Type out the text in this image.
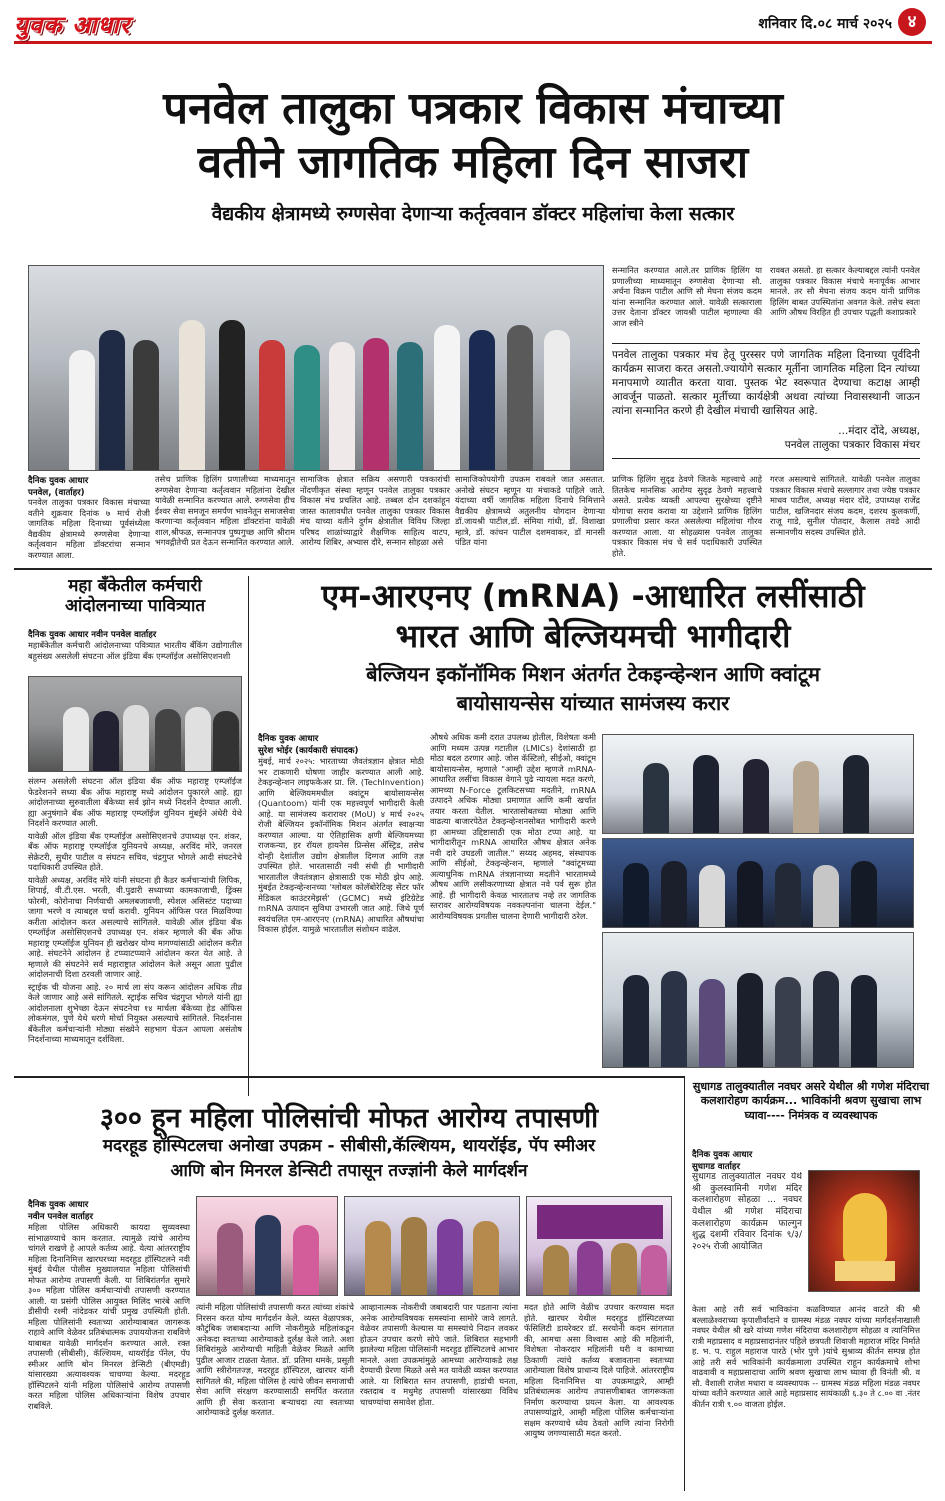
युवक आधार	शनिवार दि.०८ मार्च २०२५ ४
पनवेल तालुका पत्रकार विकास मंचाच्या
वतीने जागतिक महिला दिन साजरा
वैद्यकीय क्षेत्रामध्ये रुग्णसेवा देणाऱ्या कर्तृत्ववान डॉक्टर महिलांचा केला सत्कार
सन्मानित करण्यात आले.तर प्राणिक हिलिंग या प्रणालीच्या माध्यमातून रुग्णसेवा देणाऱ्या सौ. अर्चना विक्रम पाटील आणि सौ मेघना संजय कदम यांना सन्मानित करण्यात आले. यावेळी सत्काराला उत्तर देताना डॉक्टर जायश्री पाटील म्हणाल्या की आज स्त्रीने
रावबत असतो. हा सत्कार केल्याबद्दल त्यांनी पनवेल तालुका पत्रकार विकास मंचाचे मनःपूर्वक आभार मानले. तर सौ मेघना संजय कदम यांनी प्राणिक हिलिंग बाबत उपस्थितांना अवगत केले. तसेच स्वतः आणि औषध विरहित ही उपचार पद्धती कशाप्रकारे
पनवेल तालुका पत्रकार मंच हेतू पुरस्सर पणे जागतिक महिला दिनाच्या पूर्वदिनी कार्यक्रम साजरा करत असतो.ज्यायोगे सत्कार मूर्तीना जागतिक महिला दिन त्यांच्या मनापमाणे व्यातीत करता यावा. पुस्तक भेट स्वरूपात देण्याचा कटाक्ष आम्ही आवर्जून पाळतो. सत्कार मूर्तीच्या कार्यक्षेत्री अथवा त्यांच्या निवासस्थानी जाऊन त्यांना सन्मानित करणे ही देखील मंचाची खासियत आहे.
...मंदार दोंदे, अध्यक्ष,
पनवेल तालुका पत्रकार विकास मंचर
दैनिक युवक आधार
पनवेल, (वार्ताहर)
पनवेल तालुका पत्रकार विकास मंचाच्या वतीने शुक्रवार दिनांक ७ मार्च रोजी जागतिक महिला दिनाच्या पूर्वसंध्येला वैद्यकीय क्षेत्रामध्ये रुग्णसेवा देणाऱ्या कर्तृत्ववान महिला डॉक्टरांचा सन्मान करण्यात आला.
तसेच प्राणिक हिलिंग प्रणालीच्या माध्यमातून रुग्णसेवा देणाऱ्या कर्तृत्ववान महिलांना देखील यावेळी सन्मानित करण्यात आले. रुग्णसेवा हीच ईश्वर सेवा समजून समर्पण भावनेतून समाजसेवा करणाऱ्या कर्तृत्ववान महिला डॉक्टरांना यावेळी शाल,श्रीफळ, सन्मानपत्र पुष्पगुच्छ आणि श्रीराम भगवद्गीतेची प्रत देऊन सन्मानित करण्यात आले.
सामाजिक क्षेत्रात सक्रिय असणारी पत्रकारांची नोंदणीकृत संस्था म्हणून पनवेल तालुका पत्रकार विकास मंच प्रचलित आहे. तब्बल दोन दशकांहून जास्त कालावधीत पनवेल तालुका पत्रकार विकास मंच याच्या वतीने दुर्गम क्षेत्रातील विविध जिल्हा परिषद शाळांच्याद्वारे शैक्षणिक साहित्य वाटप, आरोग्य शिबिर, अभ्यास दौरे, सन्मान सोहळा असे
सामाजिकोपयोगी उपक्रम राबवले जात असतात. अनोखे संघटन म्हणून या मंचाकडे पाहिले जाते. यंदाच्या वर्षी जागतिक महिला दिनाचे निमित्ताने वैद्यकीय क्षेत्रामध्ये अतुलनीय योगदान देणाऱ्या डॉ.जायश्री पाटील,डॉ. संमिया गांधी, डॉ. विशाखा म्हात्रे, डॉ. कांचन पाटील दशमवाकर, डॉ मानसी पंडित यांना
प्राणिक हिलिंग सुदृढ ठेवणे जितके महत्त्वाचे आहे तितकेच मानसिक आरोग्य सुदृढ ठेवणे महत्त्वाचे असते. प्रत्येक व्यक्ती आपल्या सुरक्षेच्या दृष्टीने योगाचा सराव करावा या उद्देशाने प्राणिक हिलिंग प्रणालीचा प्रसार करत असलेल्या महिलांचा गौरव करण्यात आला. या सोहळ्यास पनवेल तालुका पत्रकार विकास मंच चे सर्व पदाधिकारी उपस्थित होते.
गरज असल्याचे सांगितले. यावेळी पनवेल तालुका पत्रकार विकास मंचाचे सल्लागार तथा ज्येष्ठ पत्रकार माधव पाटील, अध्यक्ष मंदार दोंदे, उपाध्यक्ष राजेंद्र पाटील, खजिनदार संजय कदम, दशरथ कुलकर्णी, राजू गाडे, सुनील पोतदार, कैलास तवडे आदी सन्मानणीय सदस्य उपस्थित होते.
महा बँकेतील कर्मचारी
आंदोलनाच्या पावित्र्यात
दैनिक युवक आधार नवीन पनवेल वार्ताहर
महाबँकेतील कर्मचारी आंदोलनाच्या पवित्र्यात भारतीय बँकिंग उद्योगातील बहुसंख्य असलेली संघटना ऑल इंडिया बँक एम्प्लॉईज असोसिएशनशी

संलग्न असलेली संघटना ऑल इंडिया बँक ऑफ महाराष्ट्र एम्प्लॉईज फेडरेशनने सध्या बँक ऑफ महाराष्ट्र मध्ये आंदोलन पुकारले आहे. ह्या आंदोलनाच्या सुरुवातीला बँकेच्या सर्व झोन मध्ये निदर्शने देण्यात आली. ह्या अनुषंगाने बँक ऑफ महाराष्ट्र एम्प्लॉईज युनियन मुंबईने अंधेरी येथे निदर्शने करण्यात आली.

यावेळी ऑल इंडिया बँक एम्प्लॉईज असोसिएशनचे उपाध्यक्ष एन. शंकर, बँक ऑफ महाराष्ट्र एम्प्लॉईज युनियनचे अध्यक्ष, अरविंद मोरे, जनरल सेक्रेटरी, सुधीर पाटील व संघटन सचिव, चंद्रगुप्त भोगले आदी संघटनेचे पदाधिकारी उपस्थित होते.

यावेळी अध्यक्ष, अरविंद मोरे यांनी संघटना ही कैडर कर्मचाऱ्यांची लिपिक, शिपाई, वी.टी.एस. भरती, वी.पुढारी सध्याच्या कामकाजाची, ड्रिंक्स फोरमी, कोरोनाचा निर्णयाची अमलबजावणी, स्पेशल असिस्टंट पदाच्या जागा भरणे व त्याबद्दल चर्चा करावी. युनियन ऑफिस परत मिळविण्या करीता आंदोलन करत असल्याचे सांगितले. यावेळी ऑल इंडिया बँक एम्प्लॉईज असोसिएशनचे उपाध्यक्ष एन. शंकर म्हणाले की बँक ऑफ महाराष्ट्र एम्प्लॉईज युनियन ही खरोखर योग्य मागण्यांसाठी आंदोलन करीत आहे. संघटनेने आंदोलन हे टप्प्याटप्प्याने आंदोलन करत येत आहे. ते म्हणाले की संघटनेने सर्व महाराष्ट्रात आंदोलन केले असून आता पुढील आंदोलनाची दिशा ठरवली जाणार आहे.

स्ट्राईक ची योजना आहे. २० मार्च ला संप करून आंदोलन अधिक तीव्र केले जाणार आहे असे सांगितले. स्ट्राईक सचिव चंद्रगुप्त भोगले यांनी ह्या आंदोलनाला शुभेच्छा देऊन संघटनेचा १४ मार्चला बँकेच्या हेड ऑफिस लोकमंगल, पुणे येथे धरणे मोर्चा नियुक्त असल्याचे सांगितले. निदर्शनास बँकेतील कर्मचाऱ्यांनी मोठ्या संख्येने सहभाग घेऊन आपला असंतोष निदर्शनाच्या माध्यमातून दर्शविला.

एम-आरएनए (mRNA) -आधारित लसींसाठी
भारत आणि बेल्जियमची भागीदारी
बेल्जियन इकॉनॉमिक मिशन अंतर्गत टेकइन्व्हेन्शन आणि क्वांटूम
बायोसायन्सेस यांच्यात सामंजस्य करार
दैनिक युवक आधार
सुरेश भोईर (कार्यकारी संपादक)
मुंबई, मार्च २०२५: भारताच्या जैवतंत्रज्ञान क्षेत्रात मोठी भर टाकणारी घोषणा जाहीर करण्यात आली आहे. टेकइन्व्हेन्शन लाइफकेअर प्रा. लि. (TechInvention) आणि बेल्जियममधील क्वांटूम बायोसायन्सेस (Quantoom) यांनी एक महत्त्वपूर्ण भागीदारी केली आहे. या सामंजस्य करारावर (MoU) ४ मार्च २०२५ रोजी बेल्जियन इकॉनॉमिक मिशन अंतर्गत स्वाक्षऱ्या करण्यात आल्या. या ऐतिहासिक क्षणी बेल्जियमच्या राजकन्या, हर रॉयल हायनेस प्रिन्सेस ॲस्ट्रिड, तसेच दोन्ही देशांतील उद्योग क्षेत्रातील दिग्गज आणि तज्ञ उपस्थित होते. भारतासाठी नवी संधी ही भागीदारी भारतातील जैवतंत्रज्ञान क्षेत्रासाठी एक मोठी झेप आहे. मुंबईत टेकइन्व्हेन्शनच्या 'ग्लोबल कोलॅबोरेटिव्ह सेंटर फॉर मेडिकल काउंटरमेझर्स' (GCMC) मध्ये इंटिग्रेटेड mRNA उत्पादन सुविधा उभारली जात आहे. जिथे पूर्ण स्वयंचलित एम-आरएनए (mRNA) आधारित औषधांचा विकास होईल. यामुळे भारतातील संशोधन वाढेल.
औषधे अधिक कमी दरात उपलब्ध होतील, विशेषतः कमी आणि मध्यम उत्पन्न गटातील (LMICs) देशांसाठी हा मोठा बदल ठरणार आहे. जोस कॅस्टिलो, सीईओ, क्वांटूम बायोसायन्सेस, म्हणाले "आम्ही उद्देश म्हणजे mRNA-आधारित लसींचा विकास वेगाने पुढे न्यायला मदत करणे, आमच्या N-Force टूलकिटसच्या मदतीने, mRNA उत्पादने अधिक मोठ्या प्रमाणात आणि कमी खर्चात तयार करता येतील. भारतासोबतच्या मोठ्या आणि वाढत्या बाजारपेठेत टेकइन्व्हेन्शनसोबत भागीदारी करणे हा आमच्या उद्दिष्टासाठी एक मोठा टप्पा आहे. या भागीदारीतून mRNA आधारित औषध क्षेत्रात अनेक नवी दारे उघडली जातील." सय्यद अहमद, संस्थापक आणि सीईओ, टेकइन्व्हेन्शन, म्हणाले "क्वांटूमच्या अत्याधुनिक mRNA तंत्रज्ञानाच्या मदतीने भारतामध्ये औषध आणि लसीकरणाच्या क्षेत्रात नवे पर्व सुरू होत आहे. ही भागीदारी केवळ भारतातच नव्हे तर जागतिक स्तरावर आरोग्यविषयक नवकल्पनांना चालना देईल." आरोग्यविषयक प्रगतीस चालना देणारी भागीदारी ठरेल.
सुधागड तालुक्यातील नवघर असरे येथील श्री गणेश मंदिराचा कलशारोहण कार्यक्रम... भाविकांनी श्रवण सुखाचा लाभ घ्यावा---- निमंत्रक व व्यवस्थापक
दैनिक युवक आधार
सुधागड वार्ताहर
सुधागड तालुक्यातील नवघर येथे श्री कुलस्वामिनी गणेश मंदिर कलशारोहण सोहळा ... नवघर येथील श्री गणेश मंदिराचा कलशारोहण कार्यक्रम फाल्गुन शुद्ध दशमी रविवार दिनांक ९/३/ २०२५ रोजी आयोजित
केला आहे तरी सर्व भाविकांना कळविण्यात आनंद वाटते की श्री बल्लाळेश्वराच्या कृपाशीर्वादाने व ग्रामस्थ मंडळ नवघर यांच्या मार्गदर्शनाखाली नवघर येथील श्री खरे यांच्या गणेश मंदिराचा कलशारोहण सोहळा व त्यानिमित्त रात्री महाप्रसाद व महाप्रसादानंतर पहिले छत्रपती शिवाजी महाराज मंदिर निर्माते ह. भ. प. राहुल महाराज पारठे (भोर पुणे )यांचे सुश्राव्य कीर्तन सम्पन्न होत आहे तरी सर्व भाविकांनी कार्यक्रमाला उपस्थित राहून कार्यक्रमाचे शोभा वाढवावी व महाप्रसादाचा आणि श्रवण सुखाचा लाभ घ्यावा ही विनंती श्री. व सौ. वैशाली राजेश मधारा व व्यवस्थापक -- ग्रामस्थ मंडळ महिला मंडळ नवघर यांच्या वतीने करण्यात आले आहे महाप्रसाद सायंकाळी ६.३० ते ८.०० वा .नंतर कीर्तन रात्री ९.०० वाजता होईल.
३०० हून महिला पोलिसांची मोफत आरोग्य तपासणी
मदरहूड हॉस्पिटलचा अनोखा उपक्रम - सीबीसी,कॅल्शियम, थायरॉईड, पॅप स्मीअर
आणि बोन मिनरल डेन्सिटी तपासून तज्ज्ञांनी केले मार्गदर्शन
दैनिक युवक आधार
नवीन पनवेल वार्ताहर
महिला पोलिस अधिकारी कायदा सुव्यवस्था सांभाळण्याचे काम करतात. त्यामुळे त्यांचे आरोग्य चांगले राखणे हे आपले कर्तव्य आहे. येत्या आंतरराष्ट्रीय महिला दिनानिमित्त खारघरच्या मदरहूड हॉस्पिटलने नवी मुंबई येथील पोलीस मुख्यालयात महिला पोलिसांची मोफत आरोग्य तपासणी केली. या शिबिरांतर्गत सुमारे ३०० महिला पोलिस कर्मचाऱ्यांची तपासणी करण्यात आली. या प्रसंगी पोलिस आयुक्त मिलिंद भारंबे आणि डीसीपी रश्मी नांदेडकर यांची प्रमुख उपस्थिती होती. महिला पोलिसांनी स्वतःच्या आरोग्याबाबत जागरूक राहावे आणि वेळेवर प्रतिबंधात्मक उपाययोजना राबविणे याबाबत यावेळी मार्गदर्शन करण्यात आले. रक्त तपासणी (सीबीसी), कॅल्शियम, थायरॉईड पॅनेल, पॅप स्मीअर आणि बोन मिनरल डेन्सिटी (बीएमडी) यांसारख्या अत्यावश्यक चाचण्या केल्या. मदरहूड हॉस्पिटलने यांनी महिला पोलिसांचे आरोग्य तपासणी करत महिला पोलिस अधिकाऱ्यांना विशेष उपचार राबविले.
त्यांनी महिला पोलिसांची तपासणी करत त्यांच्या शंकांचे निरसन करत योग्य मार्गदर्शन केले. व्यस्त वेळापत्रक, कौटुंबिक जबाबदाऱ्या आणि नोकरीमुळे महिलांकडून अनेकदा स्वतःच्या आरोग्याकडे दुर्लक्ष केले जाते. अशा शिबिरांमुळे आरोग्याची माहिती वेळेवर मिळते आणि पुढील आजार टाळता येतात. डॉ. प्रतिमा थमके, प्रसूती आणि स्त्रीरोगतज्ज्ञ, मदरहूड हॉस्पिटल, खारघर यांनी सांगितले की, महिला पोलिस हे त्यांचे जीवन समाजाची सेवा आणि संरक्षण करण्यासाठी समर्पित करतात आणि ही सेवा करताना बऱ्याचदा त्या स्वतःच्या आरोग्याकडे दुर्लक्ष करतात.
आव्हानात्मक नोकरीची जबाबदारी पार पडताना त्यांना अनेक आरोग्यविषयक समस्यांना सामोरे जावे लागते. वेळेवर तपासणी केल्यास या समस्यांचे निदान लवकर होऊन उपचार करणे सोपे जाते. शिबिरात सहभागी झालेल्या महिला पोलिसांनी मदरहूड हॉस्पिटलचे आभार मानले. अशा उपक्रमांमुळे आमच्या आरोग्याकडे लक्ष देण्याची प्रेरणा मिळते असे मत यावेळी व्यक्त करण्यात आले. या शिबिरात स्तन तपासणी, हाडांची घनता, रक्तदाब व मधुमेह तपासणी यांसारख्या विविध चाचण्यांचा समावेश होता.
मदत होते आणि वेळीच उपचार करण्यास मदत होते. खारघर येथील मदरहूड हॉस्पिटलच्या फॅसिलिटी डायरेक्टर डॉ. सरयोनी कदम सांगतात की, आमचा असा विश्वास आहे की महिलांनी, विशेषतः नोकरदार महिलांनी घरी व कामाच्या ठिकाणी त्यांचे कर्तव्य बजावताना स्वतःच्या आरोग्याला विशेष प्राधान्य दिले पाहिजे. आंतरराष्ट्रीय महिला दिनानिमित्त या उपक्रमाद्वारे, आम्ही प्रतिबंधात्मक आरोग्य तपासणीबाबत जागरूकता निर्माण करण्याचा प्रयत्न केला. या आवश्यक तपासण्यांद्वारे, आम्ही महिला पोलिस कर्मचाऱ्यांना सक्षम करण्याचे ध्येय ठेवतो आणि त्यांना निरोगी आयुष्य जगण्यासाठी मदत करतो.
